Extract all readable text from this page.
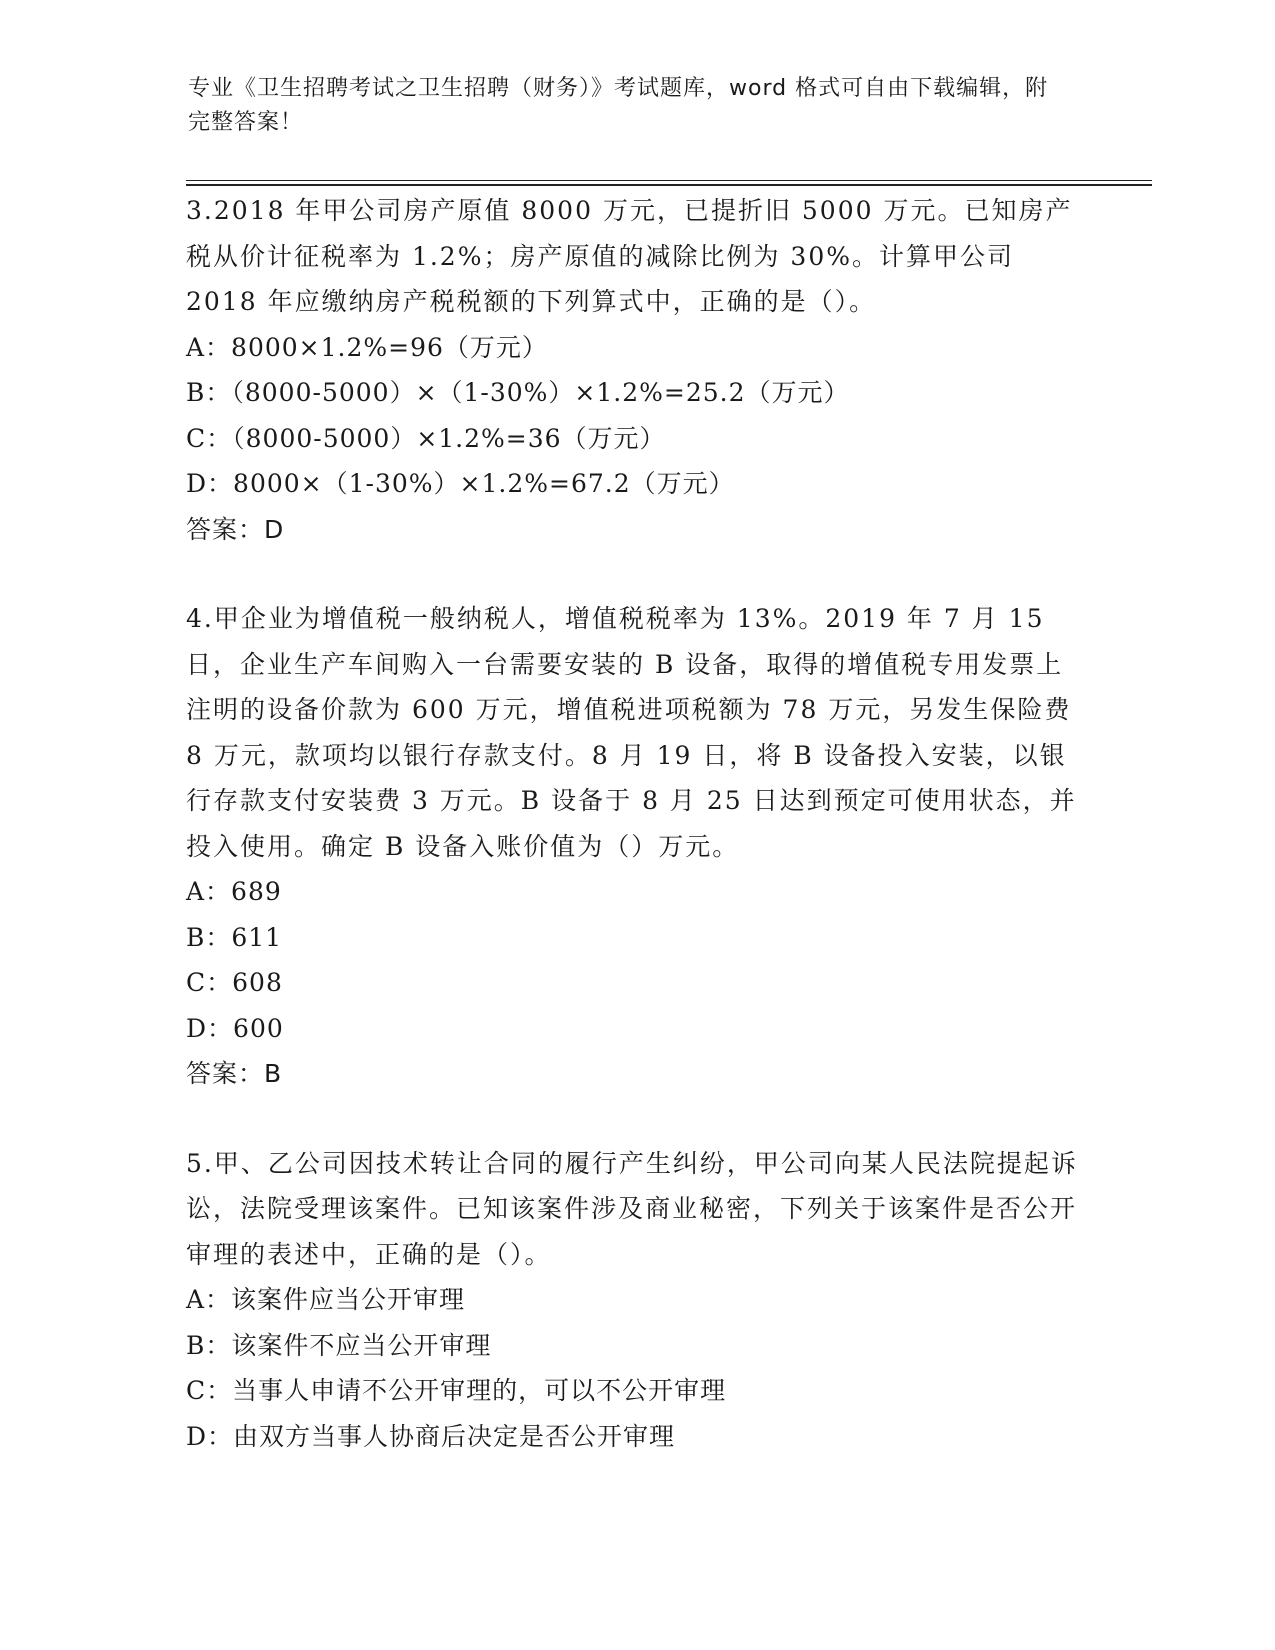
专业《卫生招聘考试之卫生招聘（财务）》考试题库，word 格式可自由下载编辑，附完整答案！

3.2018 年甲公司房产原值 8000 万元，已提折旧 5000 万元。已知房产税从价计征税率为 1.2%；房产原值的减除比例为 30%。计算甲公司 2018 年应缴纳房产税税额的下列算式中，正确的是（）。

A：8000×1.2%=96（万元）

B：（8000-5000）×（1-30%）×1.2%=25.2（万元）

C：（8000-5000）×1.2%=36（万元）

D：8000×（1-30%）×1.2%=67.2（万元）

答案：D

4.甲企业为增值税一般纳税人，增值税税率为 13%。2019 年 7 月 15 日，企业生产车间购入一台需要安装的 B 设备，取得的增值税专用发票上注明的设备价款为 600 万元，增值税进项税额为 78 万元，另发生保险费 8 万元，款项均以银行存款支付。8 月 19 日，将 B 设备投入安装，以银行存款支付安装费 3 万元。B 设备于 8 月 25 日达到预定可使用状态，并投入使用。确定 B 设备入账价值为（）万元。

A：689

B：611

C：608

D：600

答案：B

5.甲、乙公司因技术转让合同的履行产生纠纷，甲公司向某人民法院提起诉讼，法院受理该案件。已知该案件涉及商业秘密，下列关于该案件是否公开审理的表述中，正确的是（）。

A：该案件应当公开审理

B：该案件不应当公开审理

C：当事人申请不公开审理的，可以不公开审理

D：由双方当事人协商后决定是否公开审理
